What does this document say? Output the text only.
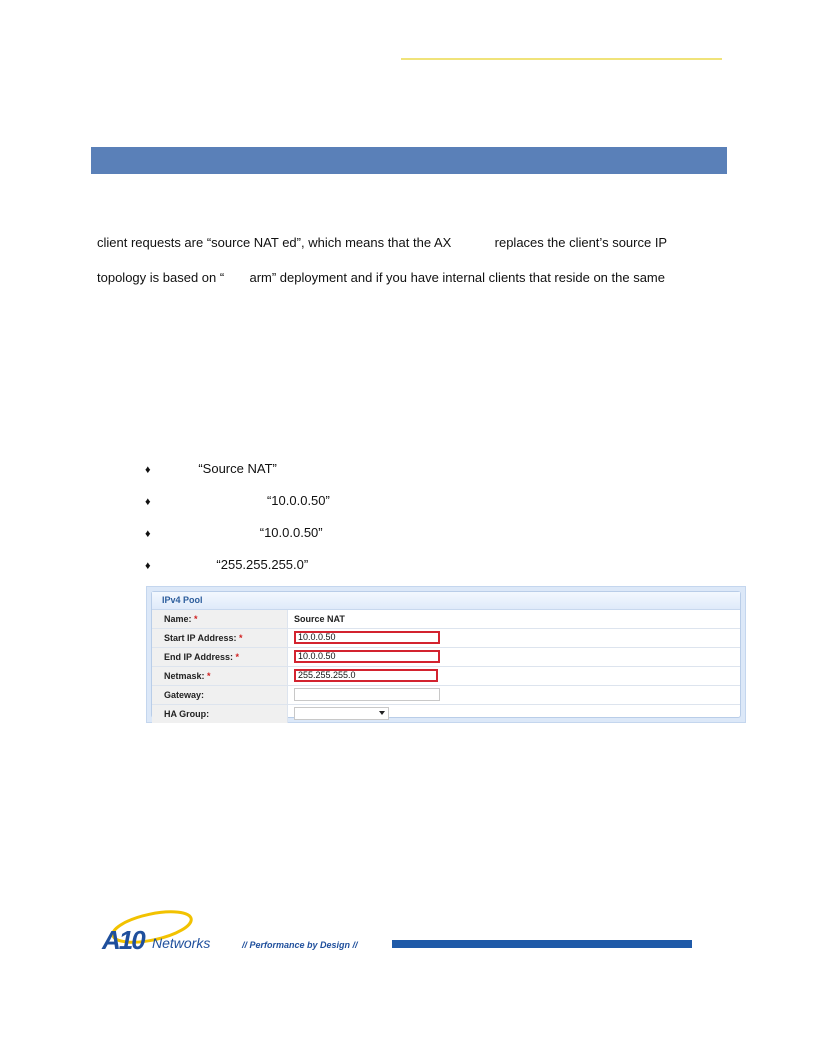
client requests are “source NAT ed”, which means that the AX            replaces the client’s source IP
topology is based on “       arm” deployment and if you have internal clients that reside on the same
♦            “Source NAT”
♦                               “10.0.0.50”
♦                             “10.0.0.50”
♦                 “255.255.255.0”
IPv4 Pool
Name: *	Source NAT
Start IP Address: *	10.0.0.50
End IP Address: *	10.0.0.50
Netmask: *	255.255.255.0
Gateway:
HA Group:
A10 Networks	// Performance by Design //
